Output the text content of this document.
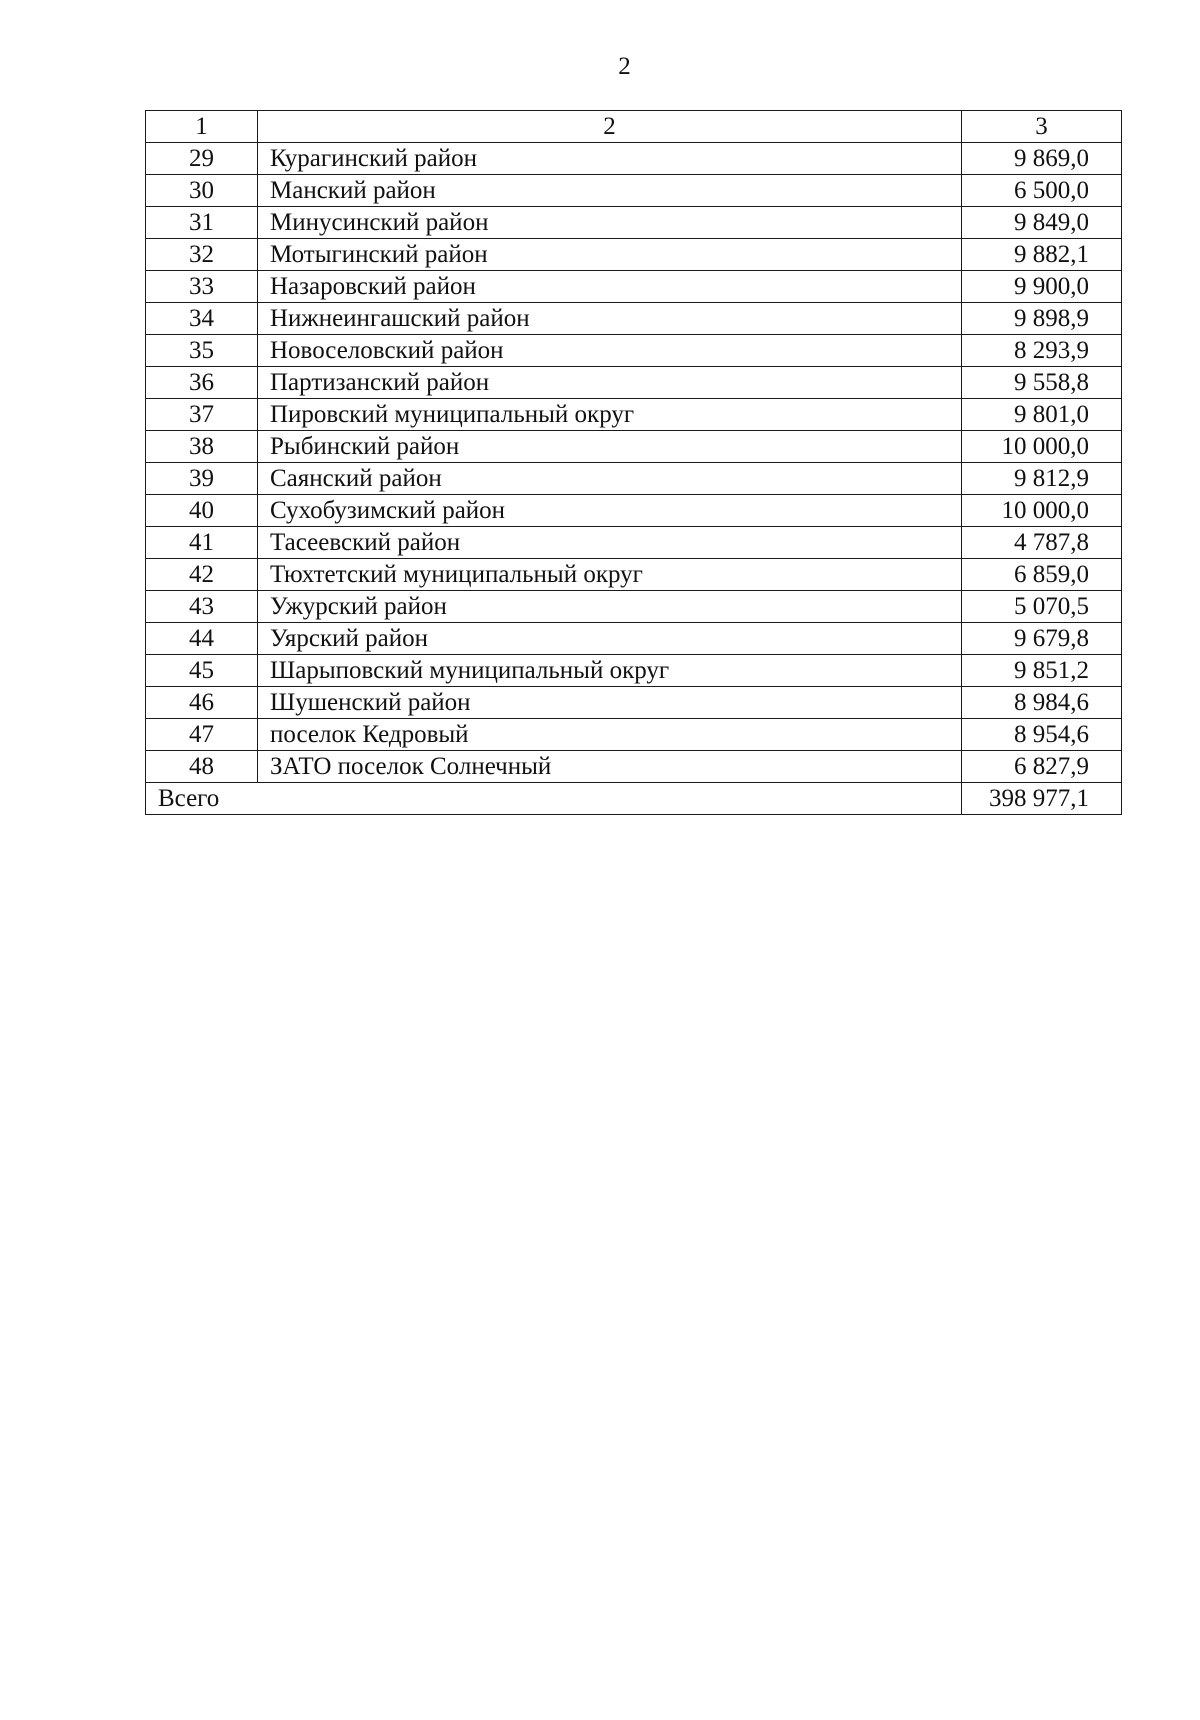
2
1	2	3
29	Курагинский район	9 869,0
30	Манский район	6 500,0
31	Минусинский район	9 849,0
32	Мотыгинский район	9 882,1
33	Назаровский район	9 900,0
34	Нижнеингашский район	9 898,9
35	Новоселовский район	8 293,9
36	Партизанский район	9 558,8
37	Пировский муниципальный округ	9 801,0
38	Рыбинский район	10 000,0
39	Саянский район	9 812,9
40	Сухобузимский район	10 000,0
41	Тасеевский район	4 787,8
42	Тюхтетский муниципальный округ	6 859,0
43	Ужурский район	5 070,5
44	Уярский район	9 679,8
45	Шарыповский муниципальный округ	9 851,2
46	Шушенский район	8 984,6
47	поселок Кедровый	8 954,6
48	ЗАТО поселок Солнечный	6 827,9
Всего		398 977,1
